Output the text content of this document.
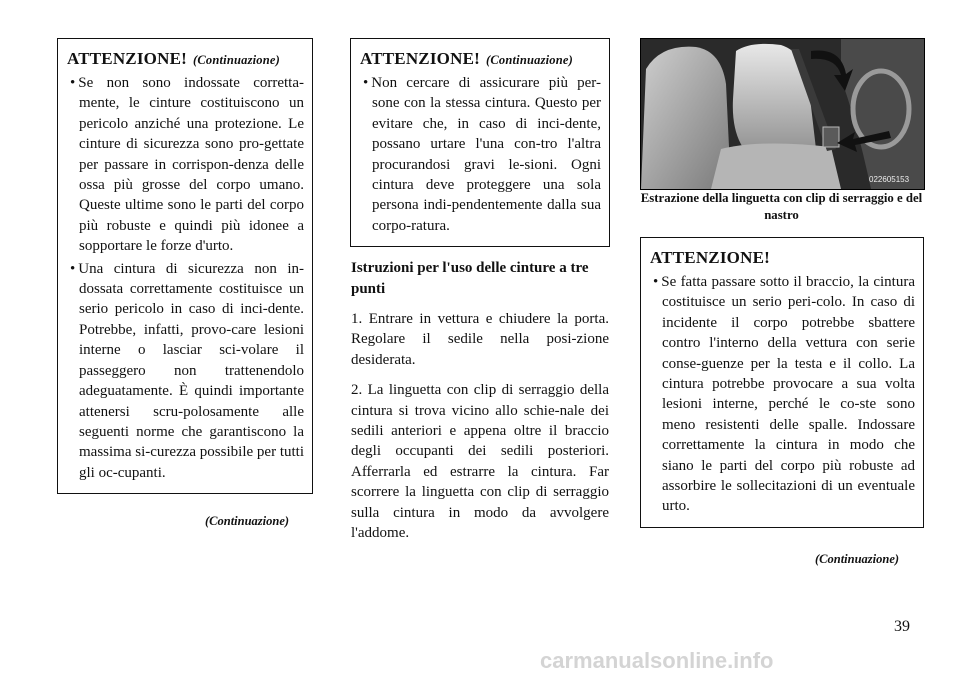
ATTENZIONE! (Continuazione)
• Se non sono indossate corretta-mente, le cinture costituiscono un pericolo anziché una protezione. Le cinture di sicurezza sono pro-gettate per passare in corrispon-denza delle ossa più grosse del corpo umano. Queste ultime sono le parti del corpo più robuste e quindi più idonee a sopportare le forze d'urto.
• Una cintura di sicurezza non in-dossata correttamente costituisce un serio pericolo in caso di inci-dente. Potrebbe, infatti, provo-care lesioni interne o lasciar sci-volare il passeggero non trattenendolo adeguatamente. È quindi importante attenersi scru-polosamente alle seguenti norme che garantiscono la massima si-curezza possibile per tutti gli oc-cupanti.
(Continuazione)
ATTENZIONE! (Continuazione)
• Non cercare di assicurare più per-sone con la stessa cintura. Questo per evitare che, in caso di inci-dente, possano urtare l'una con-tro l'altra procurandosi gravi le-sioni. Ogni cintura deve proteggere una sola persona indi-pendentemente dalla sua corpo-ratura.
Istruzioni per l'uso delle cinture a tre punti
1. Entrare in vettura e chiudere la porta. Regolare il sedile nella posi-zione desiderata.
2. La linguetta con clip di serraggio della cintura si trova vicino allo schie-nale dei sedili anteriori e appena oltre il braccio degli occupanti dei sedili posteriori. Afferrarla ed estrarre la cintura. Far scorrere la linguetta con clip di serraggio sulla cintura in modo da avvolgere l'addome.
022605153
Estrazione della linguetta con clip di serraggio e del nastro
ATTENZIONE!
• Se fatta passare sotto il braccio, la cintura costituisce un serio peri-colo. In caso di incidente il corpo potrebbe sbattere contro l'interno della vettura con serie conse-guenze per la testa e il collo. La cintura potrebbe provocare a sua volta lesioni interne, perché le co-ste sono meno resistenti delle spalle. Indossare correttamente la cintura in modo che siano le parti del corpo più robuste ad assorbire le sollecitazioni di un eventuale urto.
(Continuazione)
39
carmanualsonline.info
